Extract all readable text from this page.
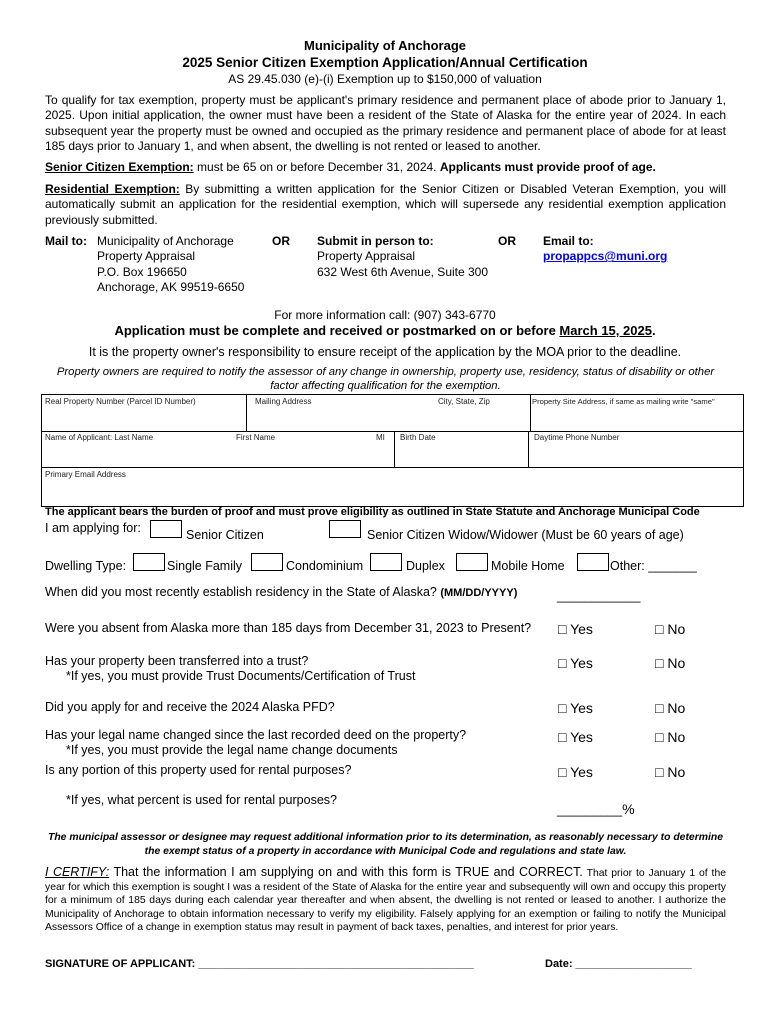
Municipality of Anchorage
2025 Senior Citizen Exemption Application/Annual Certification
AS 29.45.030 (e)-(i) Exemption up to $150,000 of valuation
To qualify for tax exemption, property must be applicant's primary residence and permanent place of abode prior to January 1, 2025. Upon initial application, the owner must have been a resident of the State of Alaska for the entire year of 2024. In each subsequent year the property must be owned and occupied as the primary residence and permanent place of abode for at least 185 days prior to January 1, and when absent, the dwelling is not rented or leased to another.
Senior Citizen Exemption: must be 65 on or before December 31, 2024. Applicants must provide proof of age.
Residential Exemption: By submitting a written application for the Senior Citizen or Disabled Veteran Exemption, you will automatically submit an application for the residential exemption, which will supersede any residential exemption application previously submitted.
Mail to: Municipality of Anchorage
Property Appraisal
P.O. Box 196650
Anchorage, AK 99519-6650
OR Submit in person to:
Property Appraisal
632 West 6th Avenue, Suite 300
OR Email to:
propappcs@muni.org
For more information call: (907) 343-6770
Application must be complete and received or postmarked on or before March 15, 2025.
It is the property owner's responsibility to ensure receipt of the application by the MOA prior to the deadline.
Property owners are required to notify the assessor of any change in ownership, property use, residency, status of disability or other factor affecting qualification for the exemption.
Real Property Number (Parcel ID Number)	Mailing Address	City, State, Zip	Property Site Address, if same as mailing write "same"
Name of Applicant: Last Name	First Name	MI Birth Date	Daytime Phone Number
Primary Email Address
The applicant bears the burden of proof and must prove eligibility as outlined in State Statute and Anchorage Municipal Code
I am applying for:	Senior Citizen	Senior Citizen Widow/Widower (Must be 60 years of age)
Dwelling Type:	Single Family	Condominium	Duplex	Mobile Home	Other: _______
When did you most recently establish residency in the State of Alaska? (MM/DD/YYYY)	____________
Were you absent from Alaska more than 185 days from December 31, 2023 to Present? □ Yes	□ No
Has your property been transferred into a trust?
*If yes, you must provide Trust Documents/Certification of Trust
□ Yes	□ No
Did you apply for and receive the 2024 Alaska PFD?	□ Yes	□ No
Has your legal name changed since the last recorded deed on the property?
*If yes, you must provide the legal name change documents
□ Yes	□ No
Is any portion of this property used for rental purposes?	□ Yes	□ No
*If yes, what percent is used for rental purposes?
_________%
The municipal assessor or designee may request additional information prior to its determination, as reasonably necessary to determine the exempt status of a property in accordance with Municipal Code and regulations and state law.
I CERTIFY: That the information I am supplying on and with this form is TRUE and CORRECT. That prior to January 1 of the year for which this exemption is sought I was a resident of the State of Alaska for the entire year and subsequently will own and occupy this property for a minimum of 185 days during each calendar year thereafter and when absent, the dwelling is not rented or leased to another. I authorize the Municipality of Anchorage to obtain information necessary to verify my eligibility. Falsely applying for an exemption or failing to notify the Municipal Assessors Office of a change in exemption status may result in payment of back taxes, penalties, and interest for prior years.
SIGNATURE OF APPLICANT: _____________________________________________	Date: ___________________
